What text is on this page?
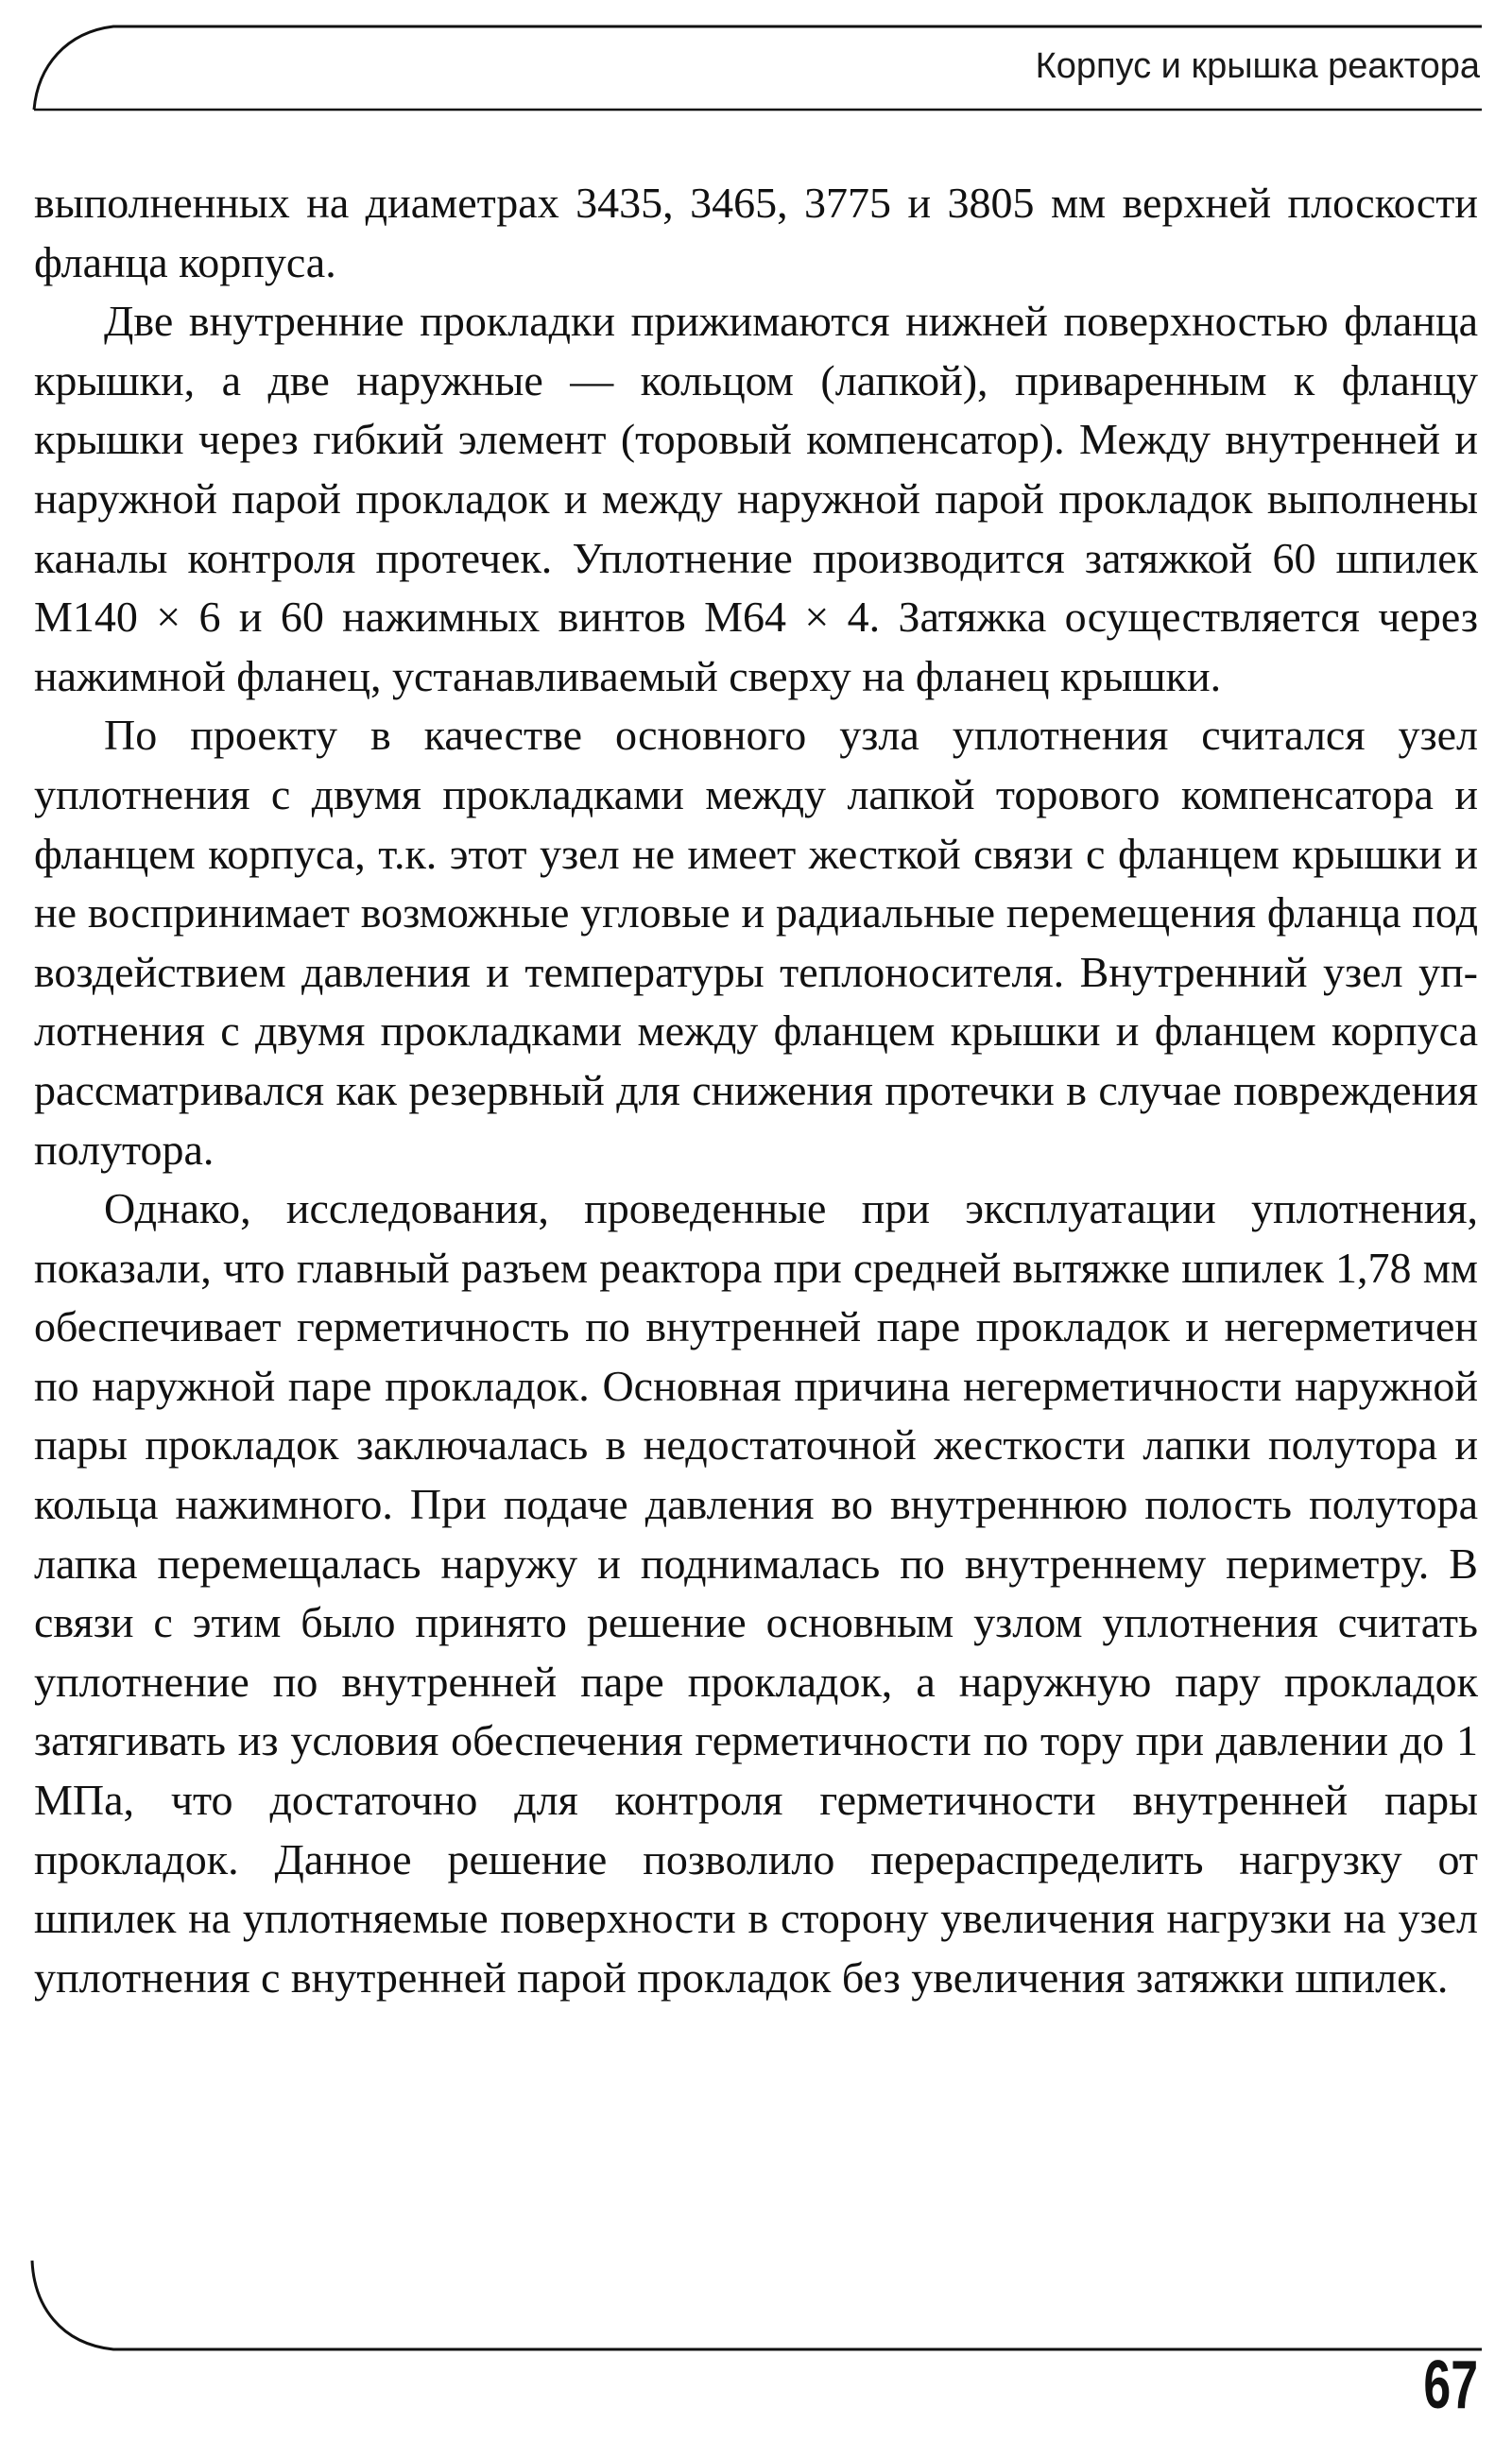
Корпус и крышка реактора

выполненных на диаметрах 3435, 3465, 3775 и 3805 мм верхней плоскости фланца корпуса.

Две внутренние прокладки прижимаются нижней поверхностью фланца крышки, а две наружные — кольцом (лапкой), приваренным к фланцу крышки через гибкий элемент (торовый компенсатор). Между внутренней и наружной парой прокладок и между наружной парой прокладок выполнены каналы контроля протечек. Уплотнение производится затяжкой 60 шпилек М140 × 6 и 60 нажимных винтов М64 × 4. Затяжка осуществляется через нажимной фланец, устанавливаемый сверху на фланец крышки.

По проекту в качестве основного узла уплотнения считался узел уплотнения с двумя прокладками между лапкой торового компенсатора и фланцем корпуса, т.к. этот узел не имеет жесткой связи с фланцем крышки и не воспринимает возможные угловые и радиальные перемещения фланца под воздействием давления и температуры теплоносителя. Внутренний узел уплотнения с двумя прокладками между фланцем крышки и фланцем корпуса рассматривался как резервный для снижения протечки в случае повреждения полутора.

Однако, исследования, проведенные при эксплуатации уплотнения, показали, что главный разъем реактора при средней вытяжке шпилек 1,78 мм обеспечивает герметичность по внутренней паре прокладок и негерметичен по наружной паре прокладок. Основная причина негерметичности наружной пары прокладок заключалась в недостаточной жесткости лапки полутора и кольца нажимного. При подаче давления во внутреннюю полость полутора лапка перемещалась наружу и поднималась по внутреннему периметру. В связи с этим было принято решение основным узлом уплотнения считать уплотнение по внутренней паре прокладок, а наружную пару прокладок затягивать из условия обеспечения герметичности по тору при давлении до 1 МПа, что достаточно для контроля герметичности внутренней пары прокладок. Данное решение позволило перераспределить нагрузку от шпилек на уплотняемые поверхности в сторону увеличения нагрузки на узел уплотнения с внутренней парой прокладок без увеличения затяжки шпилек.

67
